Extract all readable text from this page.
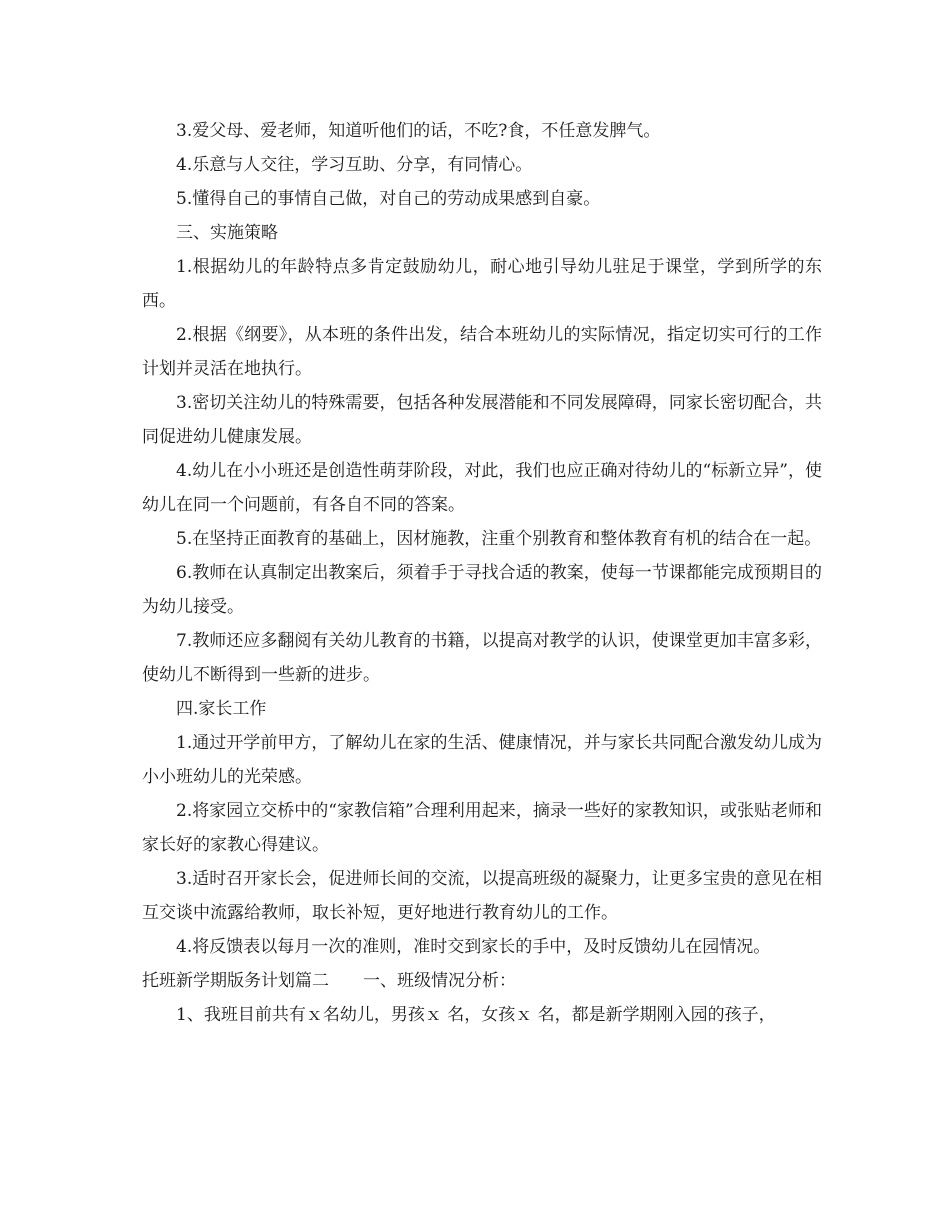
3.爱父母、爱老师，知道听他们的话，不吃?食，不任意发脾气。

4.乐意与人交往，学习互助、分享，有同情心。

5.懂得自己的事情自己做，对自己的劳动成果感到自豪。

三、实施策略

1.根据幼儿的年龄特点多肯定鼓励幼儿，耐心地引导幼儿驻足于课堂，学到所学的东西。

2.根据《纲要》，从本班的条件出发，结合本班幼儿的实际情况，指定切实可行的工作计划并灵活在地执行。

3.密切关注幼儿的特殊需要，包括各种发展潜能和不同发展障碍，同家长密切配合，共同促进幼儿健康发展。

4.幼儿在小小班还是创造性萌芽阶段，对此，我们也应正确对待幼儿的“标新立异”，使幼儿在同一个问题前，有各自不同的答案。

5.在坚持正面教育的基础上，因材施教，注重个别教育和整体教育有机的结合在一起。

6.教师在认真制定出教案后，须着手于寻找合适的教案，使每一节课都能完成预期目的为幼儿接受。

7.教师还应多翻阅有关幼儿教育的书籍，以提高对教学的认识，使课堂更加丰富多彩，使幼儿不断得到一些新的进步。

四.家长工作

1.通过开学前甲方，了解幼儿在家的生活、健康情况，并与家长共同配合激发幼儿成为小小班幼儿的光荣感。

2.将家园立交桥中的“家教信箱”合理利用起来，摘录一些好的家教知识，或张贴老师和家长好的家教心得建议。

3.适时召开家长会，促进师长间的交流，以提高班级的凝聚力，让更多宝贵的意见在相互交谈中流露给教师，取长补短，更好地进行教育幼儿的工作。

4.将反馈表以每月一次的准则，准时交到家长的手中，及时反馈幼儿在园情况。

托班新学期版务计划篇二　　一、班级情况分析：

1、我班目前共有ｘ名幼儿，男孩ｘ 名，女孩ｘ 名，都是新学期刚入园的孩子，
